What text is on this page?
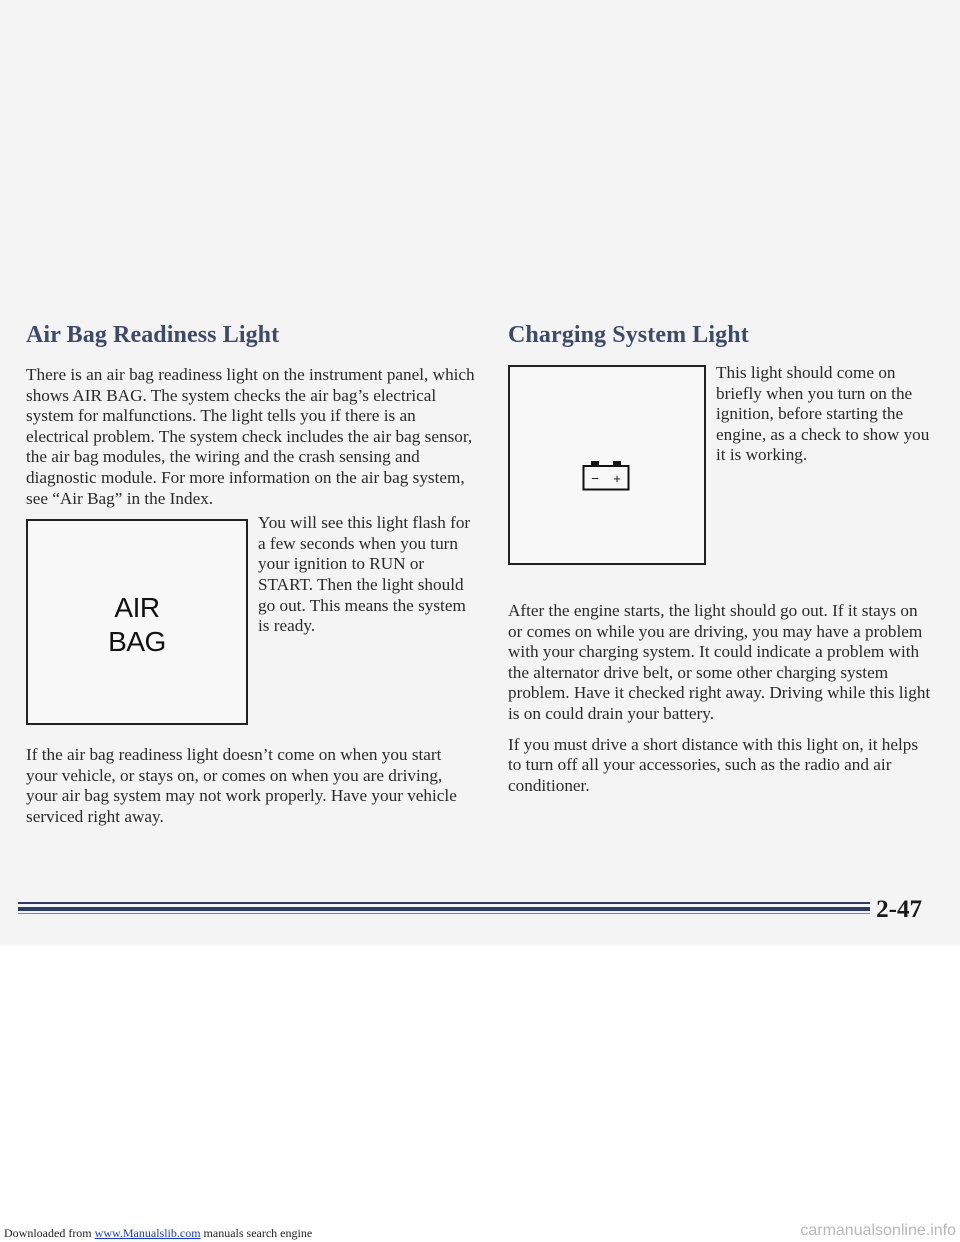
Air Bag Readiness Light

There is an air bag readiness light on the instrument panel, which shows AIR BAG. The system checks the air bag’s electrical system for malfunctions. The light tells you if there is an electrical problem. The system check includes the air bag sensor, the air bag modules, the wiring and the crash sensing and diagnostic module. For more information on the air bag system, see “Air Bag” in the Index.

AIR
BAG

You will see this light flash for a few seconds when you turn your ignition to RUN or START. Then the light should go out. This means the system is ready.

If the air bag readiness light doesn’t come on when you start your vehicle, or stays on, or comes on when you are driving, your air bag system may not work properly. Have your vehicle serviced right away.

Charging System Light
− +

This light should come on briefly when you turn on the ignition, before starting the engine, as a check to show you it is working.

After the engine starts, the light should go out. If it stays on or comes on while you are driving, you may have a problem with your charging system. It could indicate a problem with the alternator drive belt, or some other charging system problem. Have it checked right away. Driving while this light is on could drain your battery.

If you must drive a short distance with this light on, it helps to turn off all your accessories, such as the radio and air conditioner.

2-47
Downloaded from www.Manualslib.com manuals search engine	carmanualsonline.info
